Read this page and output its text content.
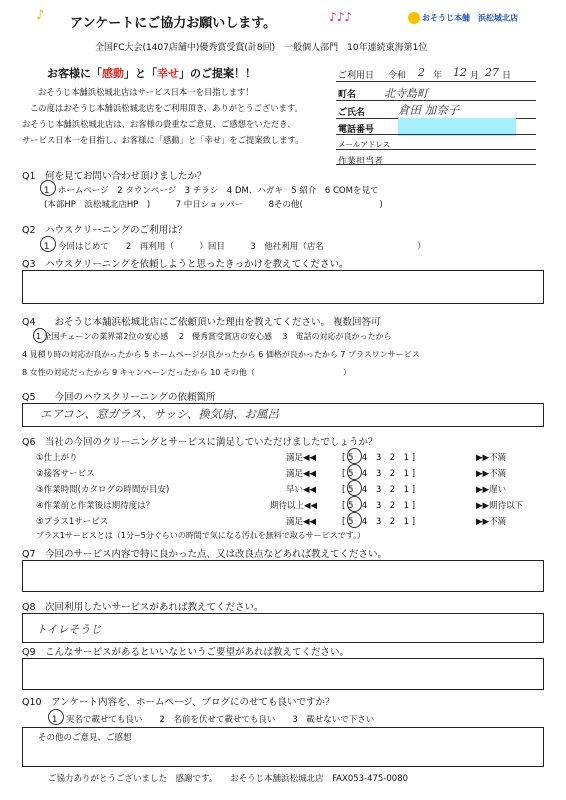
♪
アンケートにご協力お願いします。	♪♪♪	おそうじ本舗　 浜松城北店
全国FC大会(1407店舗中)優秀賞受賞(計8回)　一般個人部門　10年連続東海第1位
お客様に「感動」と「幸せ」のご提案！！
おそうじ本舗浜松城北店はサービス日本一を目指します！
この度はおそうじ本舗浜松城北店をご利用頂き、ありがとうございます。
おそうじ本舗浜松城北店は、お客様の貴重なご意見、ご感想をいただき、
サービス日本一を目指し、お客様に「感動」と「幸せ」をご提案致します。
ご利用日 令和 2 年 12 月 27 日
町名	北寺島町
ご氏名	倉田 加奈子
電話番号
メールアドレス
作業担当者
Q1　何を見てお問い合わせ頂けましたか？
1　ホームページ　2 タウンページ　3 チラシ　4 DM、ハガキ　5 紹介　6 COMを見て
(本部HP　浜松城北店HP　)　　　7 中日ショッパー　　　8その他(　　　　　　　　　)
Q2　ハウスクリーニングのご利用は？
1　今回はじめて　　2　再利用（　　　）回目　　　3　他社利用（店名　　　　　　　　　　　）
Q3　ハウスクリーニングを依頼しようと思ったきっかけを教えてください。
Q4　　おそうじ本舗浜松城北店にご依頼頂いた理由を教えてください。 複数回答可
1 全国チェーンの業界第2位の安心感　 2　優秀賞受賞店の安心感　 3　電話の対応が良かったから
4 見積り時の対応が良かったから 5 ホームページが良かったから 6 価格が良かったから 7 プラスワンサービス
8 女性の対応だったから 9 キャンペーンだったから 10 その他（　　　　　　　　　　　）
Q5　　今回のハウスクリーニングの依頼箇所
エアコン、窓ガラス、サッシ、換気扇、お風呂
Q6　当社の今回のクリーニングとサービスに満足していただけましたでしょうか？
①仕上がり	満足◀◀	[ 5　4　3　2　1 ]	▶▶不満
②接客サービス	満足◀◀	[ 5　4　3　2　1 ]	▶▶不満
③作業時間(カタログの時間が目安)	早い◀◀	[ 5　4　3　2　1 ]	▶▶遅い
④作業前と作業後は期待度は？	期待以上◀◀	[ 5　4　3　2　1 ]	▶▶期待以下
⑤プラス1サービス	満足◀◀	[ 5　4　3　2　1 ]	▶▶不満
プラス1サービスとは（1分~5分ぐらいの時間で気になる汚れを無料で取るサービスです。）
Q7　今回のサービス内容で特に良かった点、又は改良点などあれば教えてください。
Q8　次回利用したいサービスがあれば教えてください。
トイレそうじ
Q9　こんなサービスがあるといいなというご要望があれば教えてください。
Q10　アンケート内容を、ホームページ、ブログにのせても良いですか？
1　実名で載せても良い　　2　名前を伏せて載せても良い　　3　載せないで下さい
その他のご意見、ご感想
ご協力ありがとうございました　感謝です。　　おそうじ本舗浜松城北店　FAX053-475-0080
